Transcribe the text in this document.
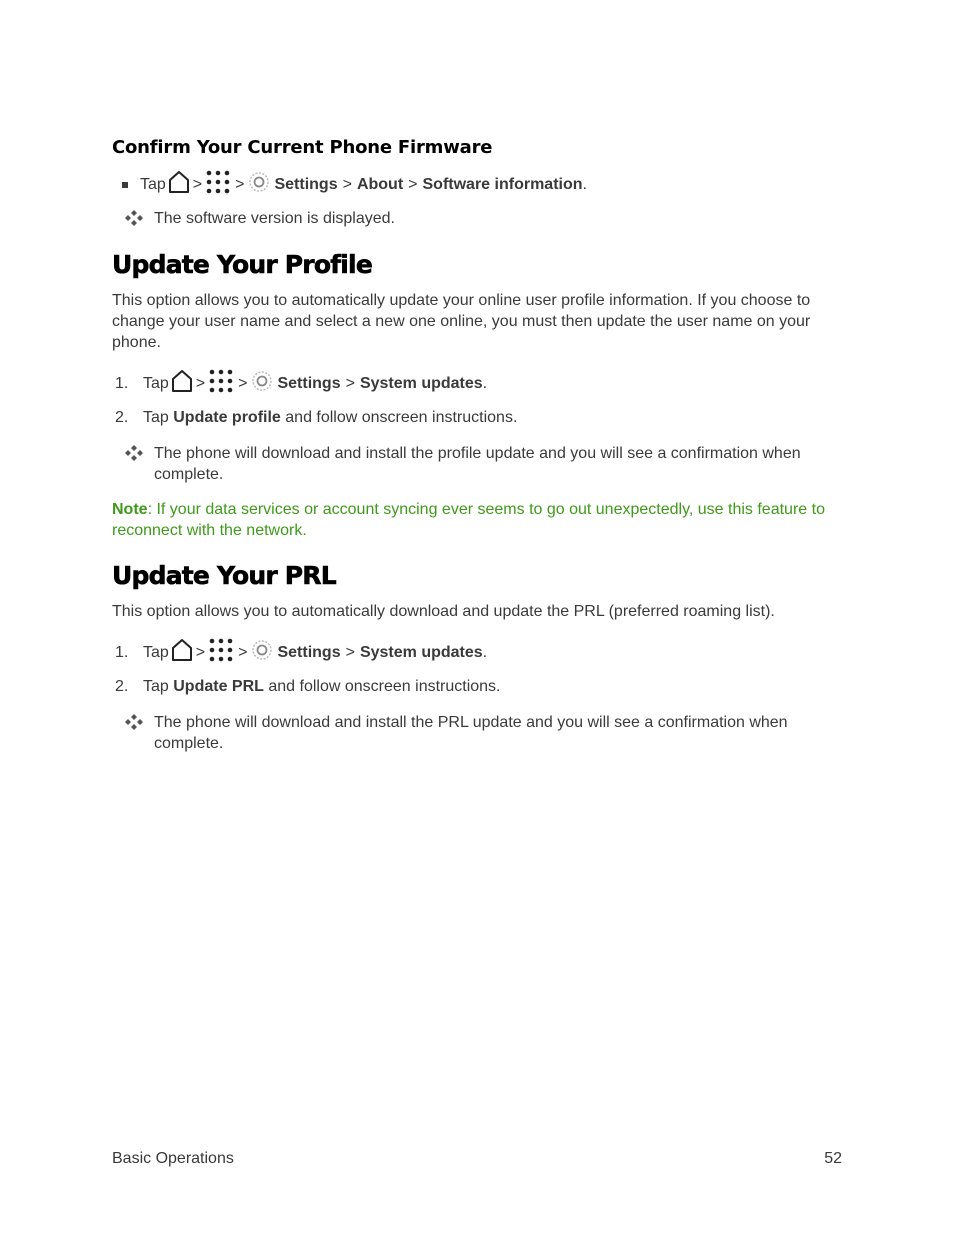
Confirm Your Current Phone Firmware
Tap > > Settings > About > Software information .
The software version is displayed.
Update Your Profile
This option allows you to automatically update your online user profile information. If you choose to change your user name and select a new one online, you must then update the user name on your phone.
1. Tap > > Settings > System updates .
2. Tap
Update profile
and follow onscreen instructions.
The phone will download and install the profile update and you will see a confirmation when complete.
Note: If your data services or account syncing ever seems to go out unexpectedly, use this feature to reconnect with the network.
Update Your PRL
This option allows you to automatically download and update the PRL (preferred roaming list).
1. Tap > > Settings > System updates .
2. Tap
Update PRL
and follow onscreen instructions.
The phone will download and install the PRL update and you will see a confirmation when complete.
Basic Operations	52
